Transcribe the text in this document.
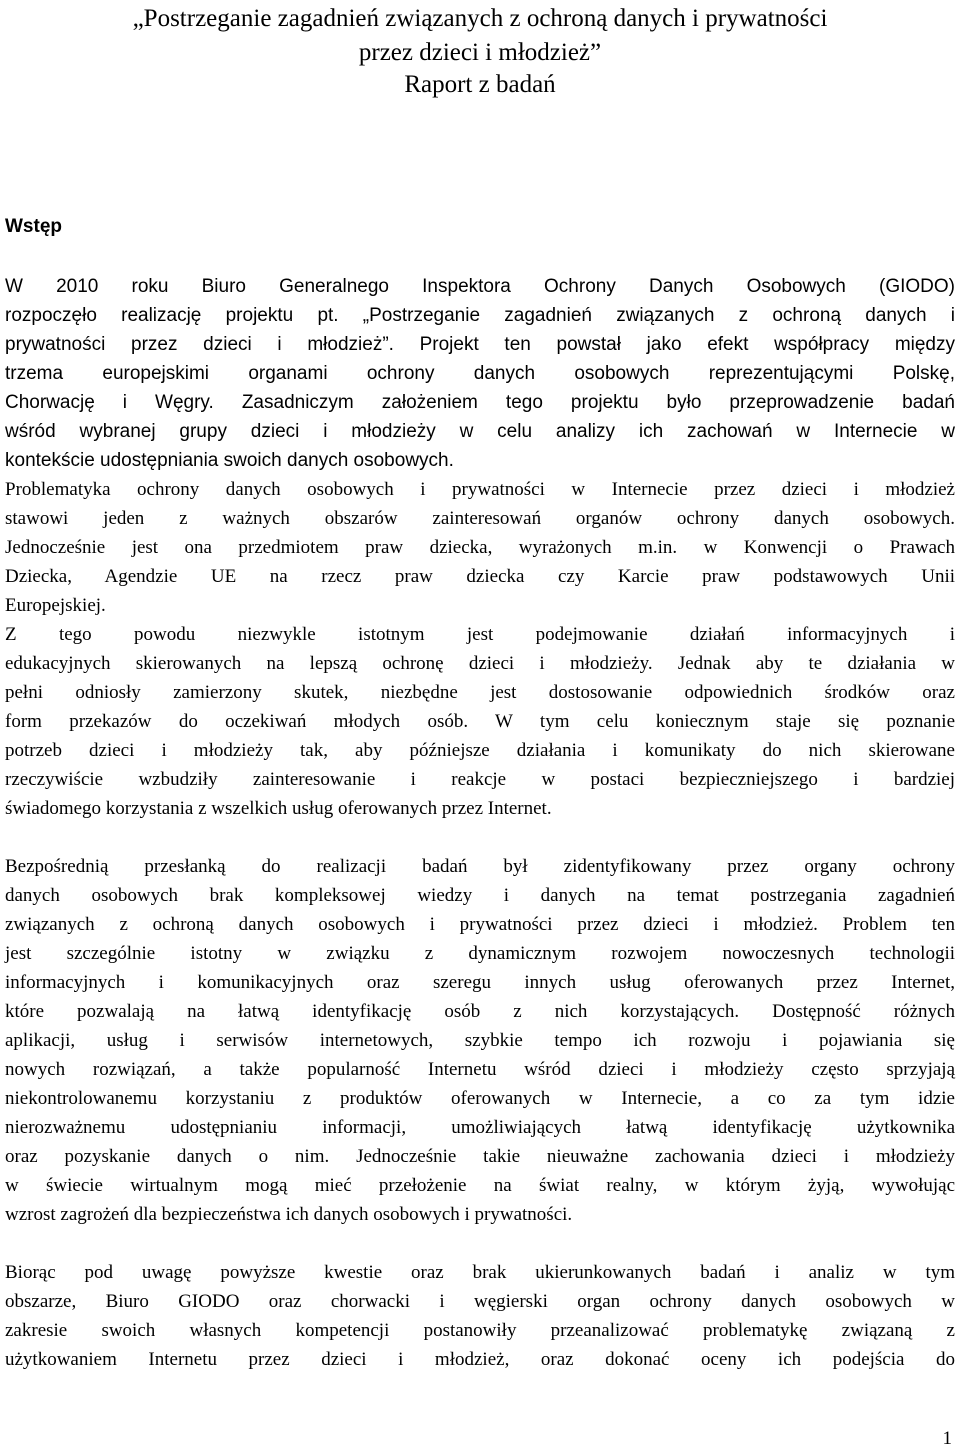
„Postrzeganie zagadnień związanych z ochroną danych i prywatności
przez dzieci i młodzież”
Raport z badań
Wstęp
W 2010 roku Biuro Generalnego Inspektora Ochrony Danych Osobowych (GIODO)
rozpoczęło realizację projektu pt. „Postrzeganie zagadnień związanych z ochroną danych i
prywatności przez dzieci i młodzież”. Projekt ten powstał jako efekt współpracy między
trzema europejskimi organami ochrony danych osobowych reprezentującymi Polskę,
Chorwację i Węgry. Zasadniczym założeniem tego projektu było przeprowadzenie badań
wśród wybranej grupy dzieci i młodzieży w celu analizy ich zachowań w Internecie w
kontekście udostępniania swoich danych osobowych.
Problematyka ochrony danych osobowych i prywatności w Internecie przez dzieci i młodzież
stawowi jeden z ważnych obszarów zainteresowań organów ochrony danych osobowych.
Jednocześnie jest ona przedmiotem praw dziecka, wyrażonych m.in. w Konwencji o Prawach
Dziecka, Agendzie UE na rzecz praw dziecka czy Karcie praw podstawowych Unii
Europejskiej.
Z tego powodu niezwykle istotnym jest podejmowanie działań informacyjnych i
edukacyjnych skierowanych na lepszą ochronę dzieci i młodzieży. Jednak aby te działania w
pełni odniosły zamierzony skutek, niezbędne jest dostosowanie odpowiednich środków oraz
form przekazów do oczekiwań młodych osób. W tym celu koniecznym staje się poznanie
potrzeb dzieci i młodzieży tak, aby późniejsze działania i komunikaty do nich skierowane
rzeczywiście wzbudziły zainteresowanie i reakcje w postaci bezpieczniejszego i bardziej
świadomego korzystania z wszelkich usług oferowanych przez Internet.
Bezpośrednią przesłanką do realizacji badań był zidentyfikowany przez organy ochrony
danych osobowych brak kompleksowej wiedzy i danych na temat postrzegania zagadnień
związanych z ochroną danych osobowych i prywatności przez dzieci i młodzież. Problem ten
jest szczególnie istotny w związku z dynamicznym rozwojem nowoczesnych technologii
informacyjnych i komunikacyjnych oraz szeregu innych usług oferowanych przez Internet,
które pozwalają na łatwą identyfikację osób z nich korzystających. Dostępność różnych
aplikacji, usług i serwisów internetowych, szybkie tempo ich rozwoju i pojawiania się
nowych rozwiązań, a także popularność Internetu wśród dzieci i młodzieży często sprzyjają
niekontrolowanemu korzystaniu z produktów oferowanych w Internecie, a co za tym idzie
nierozważnemu udostępnianiu informacji, umożliwiających łatwą identyfikację użytkownika
oraz pozyskanie danych o nim. Jednocześnie takie nieuważne zachowania dzieci i młodzieży
w świecie wirtualnym mogą mieć przełożenie na świat realny, w którym żyją, wywołując
wzrost zagrożeń dla bezpieczeństwa ich danych osobowych i prywatności.
Biorąc pod uwagę powyższe kwestie oraz brak ukierunkowanych badań i analiz w tym
obszarze, Biuro GIODO oraz chorwacki i węgierski organ ochrony danych osobowych w
zakresie swoich własnych kompetencji postanowiły przeanalizować problematykę związaną z
użytkowaniem Internetu przez dzieci i młodzież, oraz dokonać oceny ich podejścia do
1
